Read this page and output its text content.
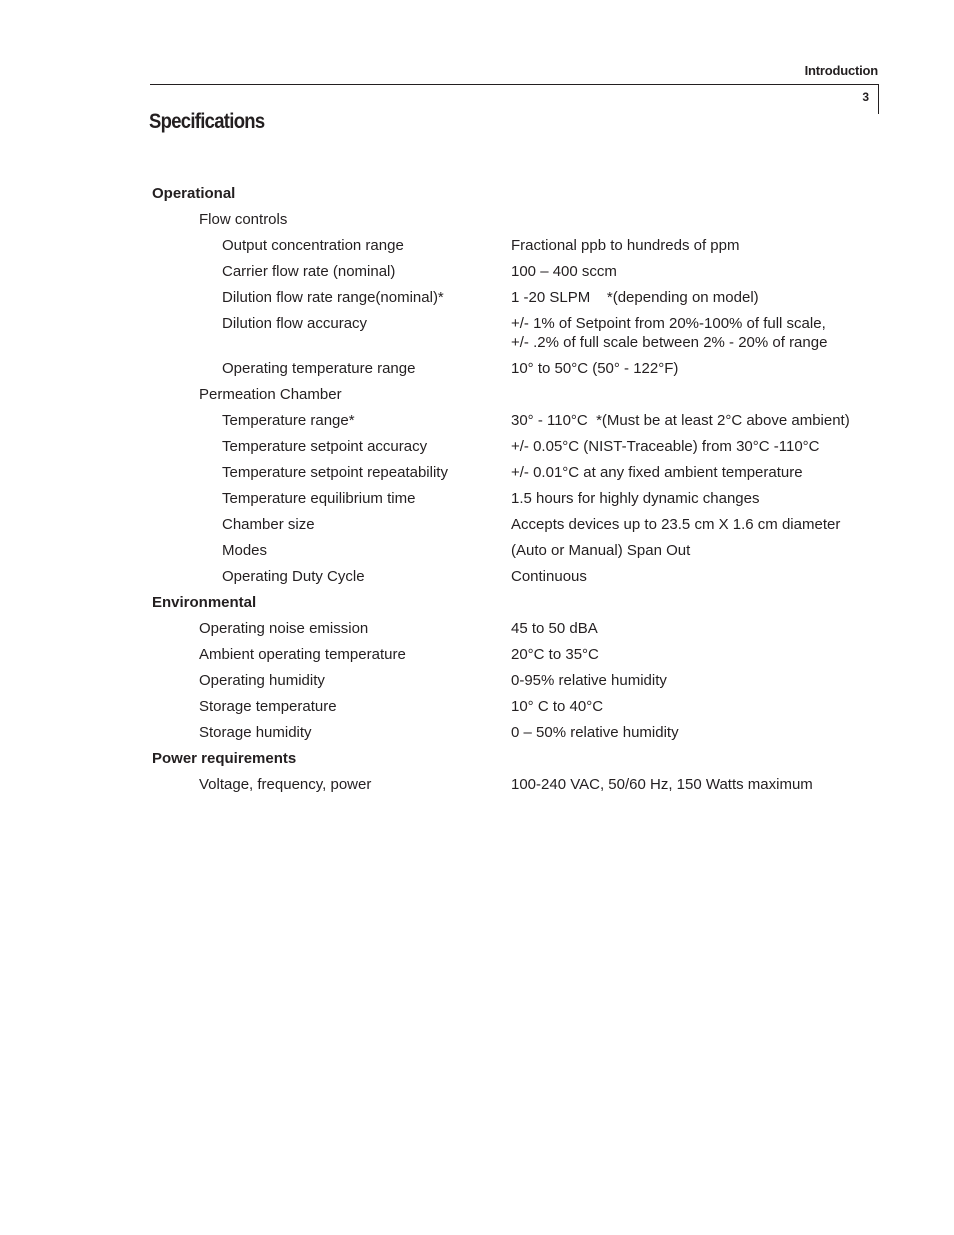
Introduction
3
Specifications
Operational
Flow controls
Output concentration range	Fractional ppb to hundreds of ppm
Carrier flow rate (nominal)	100 – 400 sccm
Dilution flow rate range(nominal)*	1 -20 SLPM    *(depending on model)
Dilution flow accuracy	+/- 1% of Setpoint from 20%-100% of full scale,
+/- .2% of full scale between 2% - 20% of range
Operating temperature range	10° to 50°C (50° - 122°F)
Permeation Chamber
Temperature range*	30° - 110°C  *(Must be at least 2°C above ambient)
Temperature setpoint accuracy	+/- 0.05°C (NIST-Traceable) from 30°C -110°C
Temperature setpoint repeatability	+/- 0.01°C at any fixed ambient temperature
Temperature equilibrium time	1.5 hours for highly dynamic changes
Chamber size	Accepts devices up to 23.5 cm X 1.6 cm diameter
Modes	(Auto or Manual) Span Out
Operating Duty Cycle	Continuous
Environmental
Operating noise emission	45 to 50 dBA
Ambient operating temperature	20°C to 35°C
Operating humidity	0-95% relative humidity
Storage temperature	10° C to 40°C
Storage humidity	0 – 50% relative humidity
Power requirements
Voltage, frequency, power	100-240 VAC, 50/60 Hz, 150 Watts maximum
